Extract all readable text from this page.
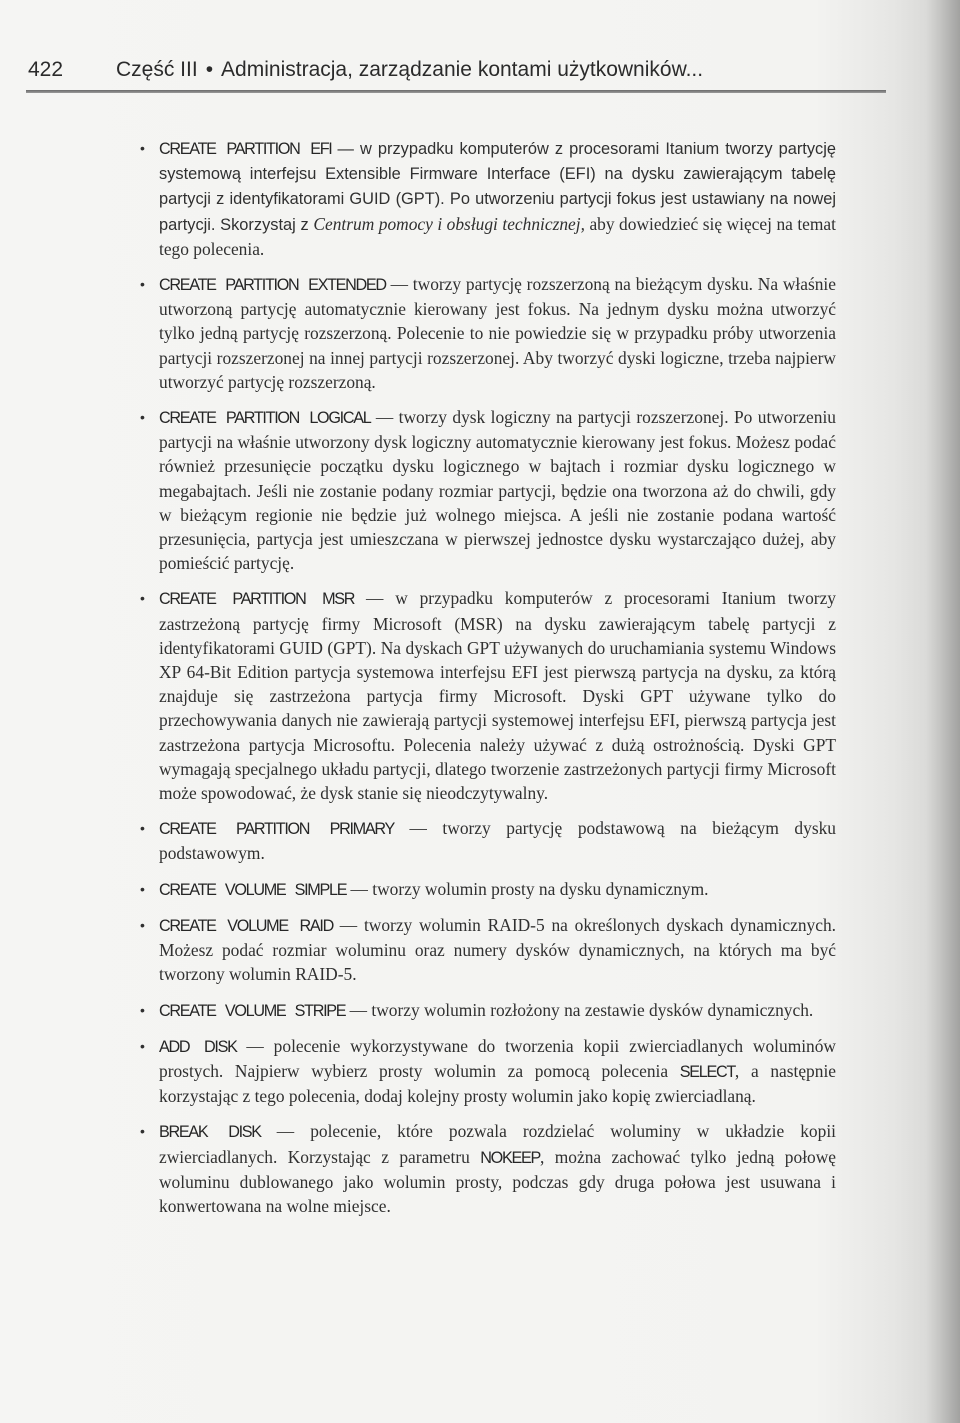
422	Część III • Administracja, zarządzanie kontami użytkowników...
• CREATE PARTITION EFI — w przypadku komputerów z procesorami Itanium tworzy partycję systemową interfejsu Extensible Firmware Interface (EFI) na dysku zawierającym tabelę partycji z identyfikatorami GUID (GPT). Po utworzeniu partycji fokus jest ustawiany na nowej partycji. Skorzystaj z Centrum pomocy i obsługi technicznej, aby dowiedzieć się więcej na temat tego polecenia.
• CREATE PARTITION EXTENDED — tworzy partycję rozszerzoną na bieżącym dysku. Na właśnie utworzoną partycję automatycznie kierowany jest fokus. Na jednym dysku można utworzyć tylko jedną partycję rozszerzoną. Polecenie to nie powiedzie się w przypadku próby utworzenia partycji rozszerzonej na innej partycji rozszerzonej. Aby tworzyć dyski logiczne, trzeba najpierw utworzyć partycję rozszerzoną.
• CREATE PARTITION LOGICAL — tworzy dysk logiczny na partycji rozszerzonej. Po utworzeniu partycji na właśnie utworzony dysk logiczny automatycznie kierowany jest fokus. Możesz podać również przesunięcie początku dysku logicznego w bajtach i rozmiar dysku logicznego w megabajtach. Jeśli nie zostanie podany rozmiar partycji, będzie ona tworzona aż do chwili, gdy w bieżącym regionie nie będzie już wolnego miejsca. A jeśli nie zostanie podana wartość przesunięcia, partycja jest umieszczana w pierwszej jednostce dysku wystarczająco dużej, aby pomieścić partycję.
• CREATE PARTITION MSR — w przypadku komputerów z procesorami Itanium tworzy zastrzeżoną partycję firmy Microsoft (MSR) na dysku zawierającym tabelę partycji z identyfikatorami GUID (GPT). Na dyskach GPT używanych do uruchamiania systemu Windows XP 64-Bit Edition partycja systemowa interfejsu EFI jest pierwszą partycja na dysku, za którą znajduje się zastrzeżona partycja firmy Microsoft. Dyski GPT używane tylko do przechowywania danych nie zawierają partycji systemowej interfejsu EFI, pierwszą partycja jest zastrzeżona partycja Microsoftu. Polecenia należy używać z dużą ostrożnością. Dyski GPT wymagają specjalnego układu partycji, dlatego tworzenie zastrzeżonych partycji firmy Microsoft może spowodować, że dysk stanie się nieodczytywalny.
• CREATE PARTITION PRIMARY — tworzy partycję podstawową na bieżącym dysku podstawowym.
• CREATE VOLUME SIMPLE — tworzy wolumin prosty na dysku dynamicznym.
• CREATE VOLUME RAID — tworzy wolumin RAID-5 na określonych dyskach dynamicznych. Możesz podać rozmiar woluminu oraz numery dysków dynamicznych, na których ma być tworzony wolumin RAID-5.
• CREATE VOLUME STRIPE — tworzy wolumin rozłożony na zestawie dysków dynamicznych.
• ADD DISK — polecenie wykorzystywane do tworzenia kopii zwierciadlanych woluminów prostych. Najpierw wybierz prosty wolumin za pomocą polecenia SELECT, a następnie korzystając z tego polecenia, dodaj kolejny prosty wolumin jako kopię zwierciadlaną.
• BREAK DISK — polecenie, które pozwala rozdzielać woluminy w układzie kopii zwierciadlanych. Korzystając z parametru NOKEEP, można zachować tylko jedną połowę woluminu dublowanego jako wolumin prosty, podczas gdy druga połowa jest usuwana i konwertowana na wolne miejsce.
